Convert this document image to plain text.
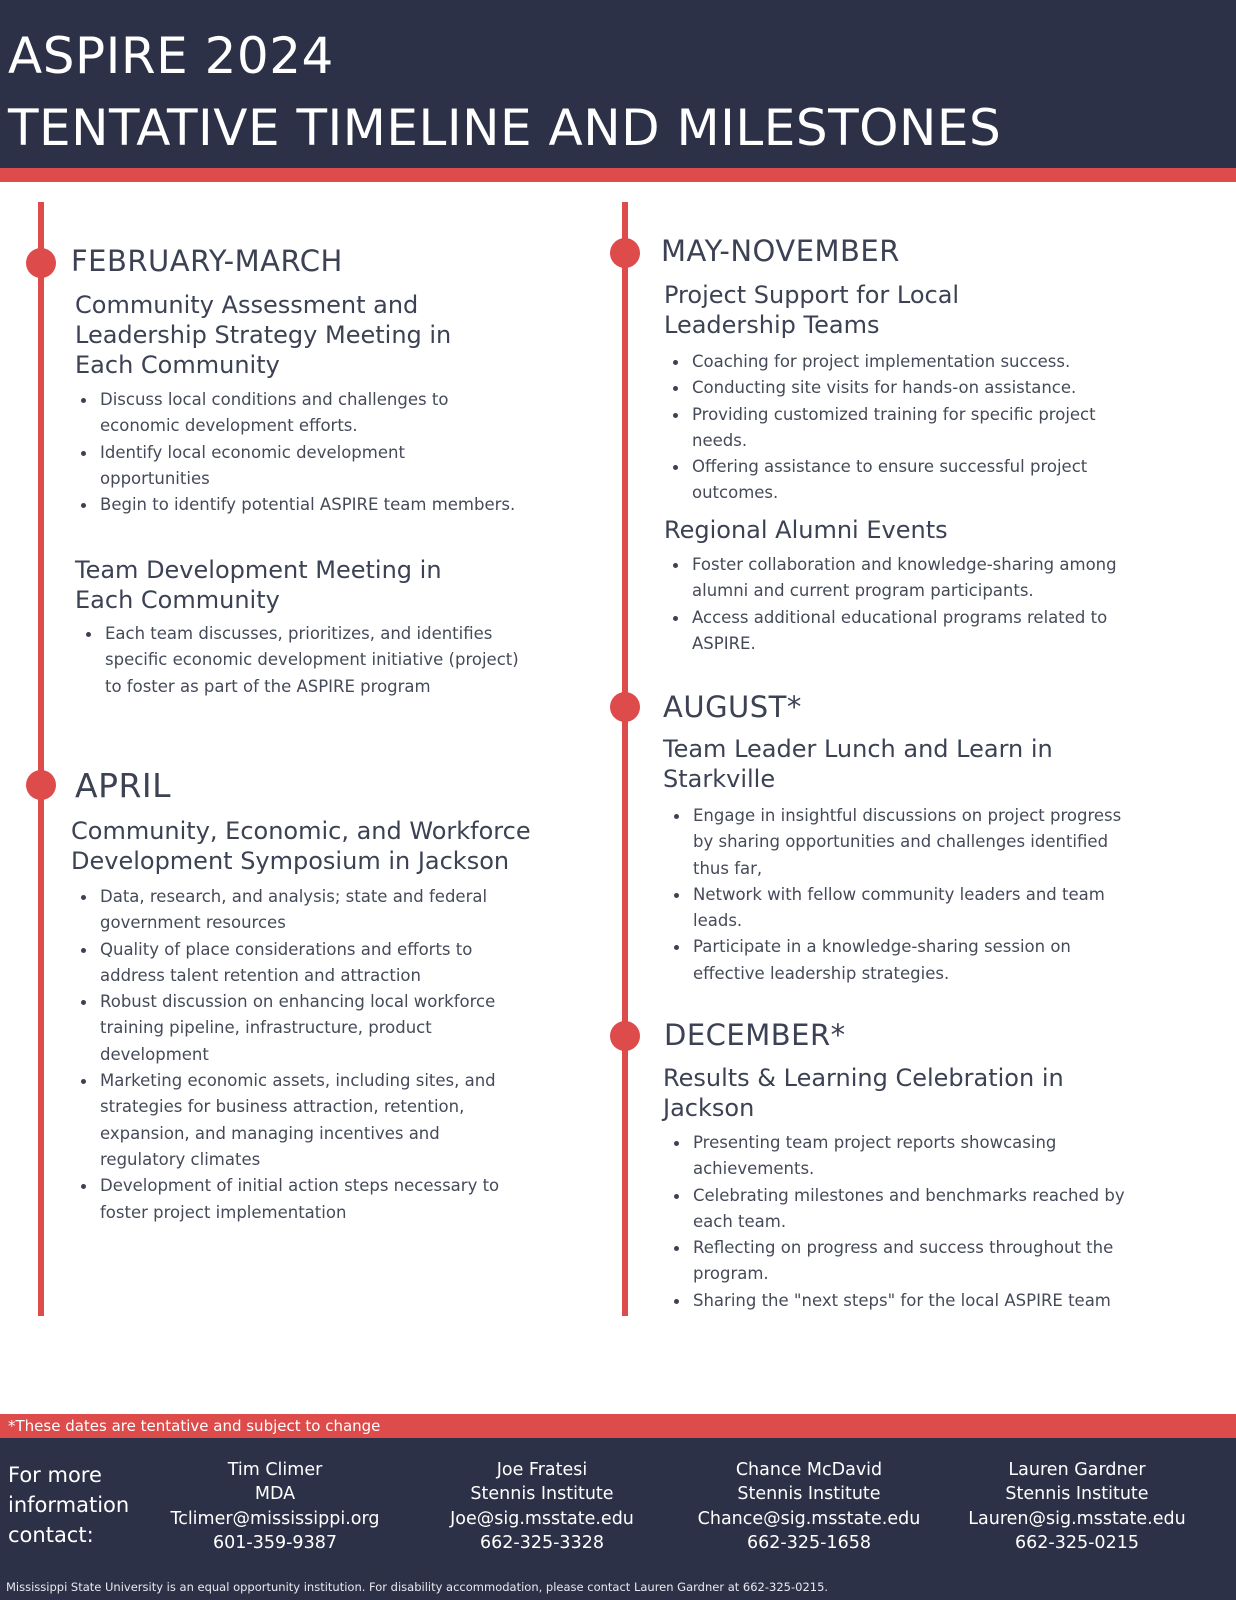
ASPIRE 2024
TENTATIVE TIMELINE AND MILESTONES
FEBRUARY-MARCH
Community Assessment and Leadership Strategy Meeting in Each Community
Discuss local conditions and challenges to economic development efforts.
Identify local economic development opportunities
Begin to identify potential ASPIRE team members.
Team Development Meeting in Each Community
Each team discusses, prioritizes, and identifies specific economic development initiative (project) to foster as part of the ASPIRE program
APRIL
Community, Economic, and Workforce Development Symposium in Jackson
Data, research, and analysis; state and federal government resources
Quality of place considerations and efforts to address talent retention and attraction
Robust discussion on enhancing local workforce training pipeline, infrastructure, product development
Marketing economic assets, including sites, and strategies for business attraction, retention, expansion, and managing incentives and regulatory climates
Development of initial action steps necessary to foster project implementation
MAY-NOVEMBER
Project Support for Local Leadership Teams
Coaching for project implementation success.
Conducting site visits for hands-on assistance.
Providing customized training for specific project needs.
Offering assistance to ensure successful project outcomes.
Regional Alumni Events
Foster collaboration and knowledge-sharing among alumni and current program participants.
Access additional educational programs related to ASPIRE.
AUGUST*
Team Leader Lunch and Learn in Starkville
Engage in insightful discussions on project progress by sharing opportunities and challenges identified thus far,
Network with fellow community leaders and team leads.
Participate in a knowledge-sharing session on effective leadership strategies.
DECEMBER*
Results & Learning Celebration in Jackson
Presenting team project reports showcasing achievements.
Celebrating milestones and benchmarks reached by each team.
Reflecting on progress and success throughout the program.
Sharing the "next steps" for the local ASPIRE team
*These dates are tentative and subject to change
For more information contact:
Tim Climer
MDA
Tclimer@mississippi.org
601-359-9387
Joe Fratesi
Stennis Institute
Joe@sig.msstate.edu
662-325-3328
Chance McDavid
Stennis Institute
Chance@sig.msstate.edu
662-325-1658
Lauren Gardner
Stennis Institute
Lauren@sig.msstate.edu
662-325-0215
Mississippi State University is an equal opportunity institution. For disability accommodation, please contact Lauren Gardner at 662-325-0215.
